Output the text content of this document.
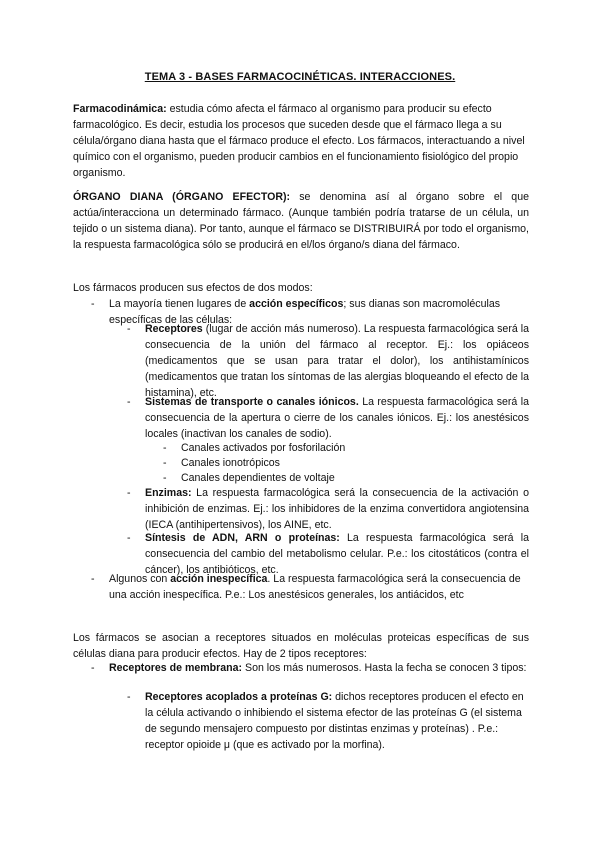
TEMA 3 - BASES FARMACOCINÉTICAS. INTERACCIONES.

Farmacodinámica: estudia cómo afecta el fármaco al organismo para producir su efecto farmacológico. Es decir, estudia los procesos que suceden desde que el fármaco llega a su célula/órgano diana hasta que el fármaco produce el efecto. Los fármacos, interactuando a nivel químico con el organismo, pueden producir cambios en el funcionamiento fisiológico del propio organismo.

ÓRGANO DIANA (ÓRGANO EFECTOR): se denomina así al órgano sobre el que actúa/interacciona un determinado fármaco. (Aunque también podría tratarse de un célula, un tejido o un sistema diana). Por tanto, aunque el fármaco se DISTRIBUIRÁ por todo el organismo, la respuesta farmacológica sólo se producirá en el/los órgano/s diana del fármaco.

Los fármacos producen sus efectos de dos modos:

- La mayoría tienen lugares de acción específicos; sus dianas son macromoléculas específicas de las células:

- Receptores (lugar de acción más numeroso). La respuesta farmacológica será la consecuencia de la unión del fármaco al receptor. Ej.: los opiáceos (medicamentos que se usan para tratar el dolor), los antihistamínicos (medicamentos que tratan los síntomas de las alergias bloqueando el efecto de la histamina), etc.

- Sistemas de transporte o canales iónicos. La respuesta farmacológica será la consecuencia de la apertura o cierre de los canales iónicos. Ej.: los anestésicos locales (inactivan los canales de sodio).

- Canales activados por fosforilación
- Canales ionotrópicos
- Canales dependientes de voltaje
- Enzimas: La respuesta farmacológica será la consecuencia de la activación o inhibición de enzimas. Ej.: los inhibidores de la enzima convertidora angiotensina (IECA (antihipertensivos), los AINE, etc.

- Síntesis de ADN, ARN o proteínas: La respuesta farmacológica será la consecuencia del cambio del metabolismo celular. P.e.: los citostáticos (contra el cáncer), los antibióticos, etc.

- Algunos con acción inespecífica. La respuesta farmacológica será la consecuencia de una acción inespecífica. P.e.: Los anestésicos generales, los antiácidos, etc

Los fármacos se asocian a receptores situados en moléculas proteicas específicas de sus células diana para producir efectos. Hay de 2 tipos receptores:

- Receptores de membrana: Son los más numerosos. Hasta la fecha se conocen 3 tipos:

- Receptores acoplados a proteínas G: dichos receptores producen el efecto en la célula activando o inhibiendo el sistema efector de las proteínas G (el sistema de segundo mensajero compuesto por distintas enzimas y proteínas) . P.e.: receptor opioide μ (que es activado por la morfina).
